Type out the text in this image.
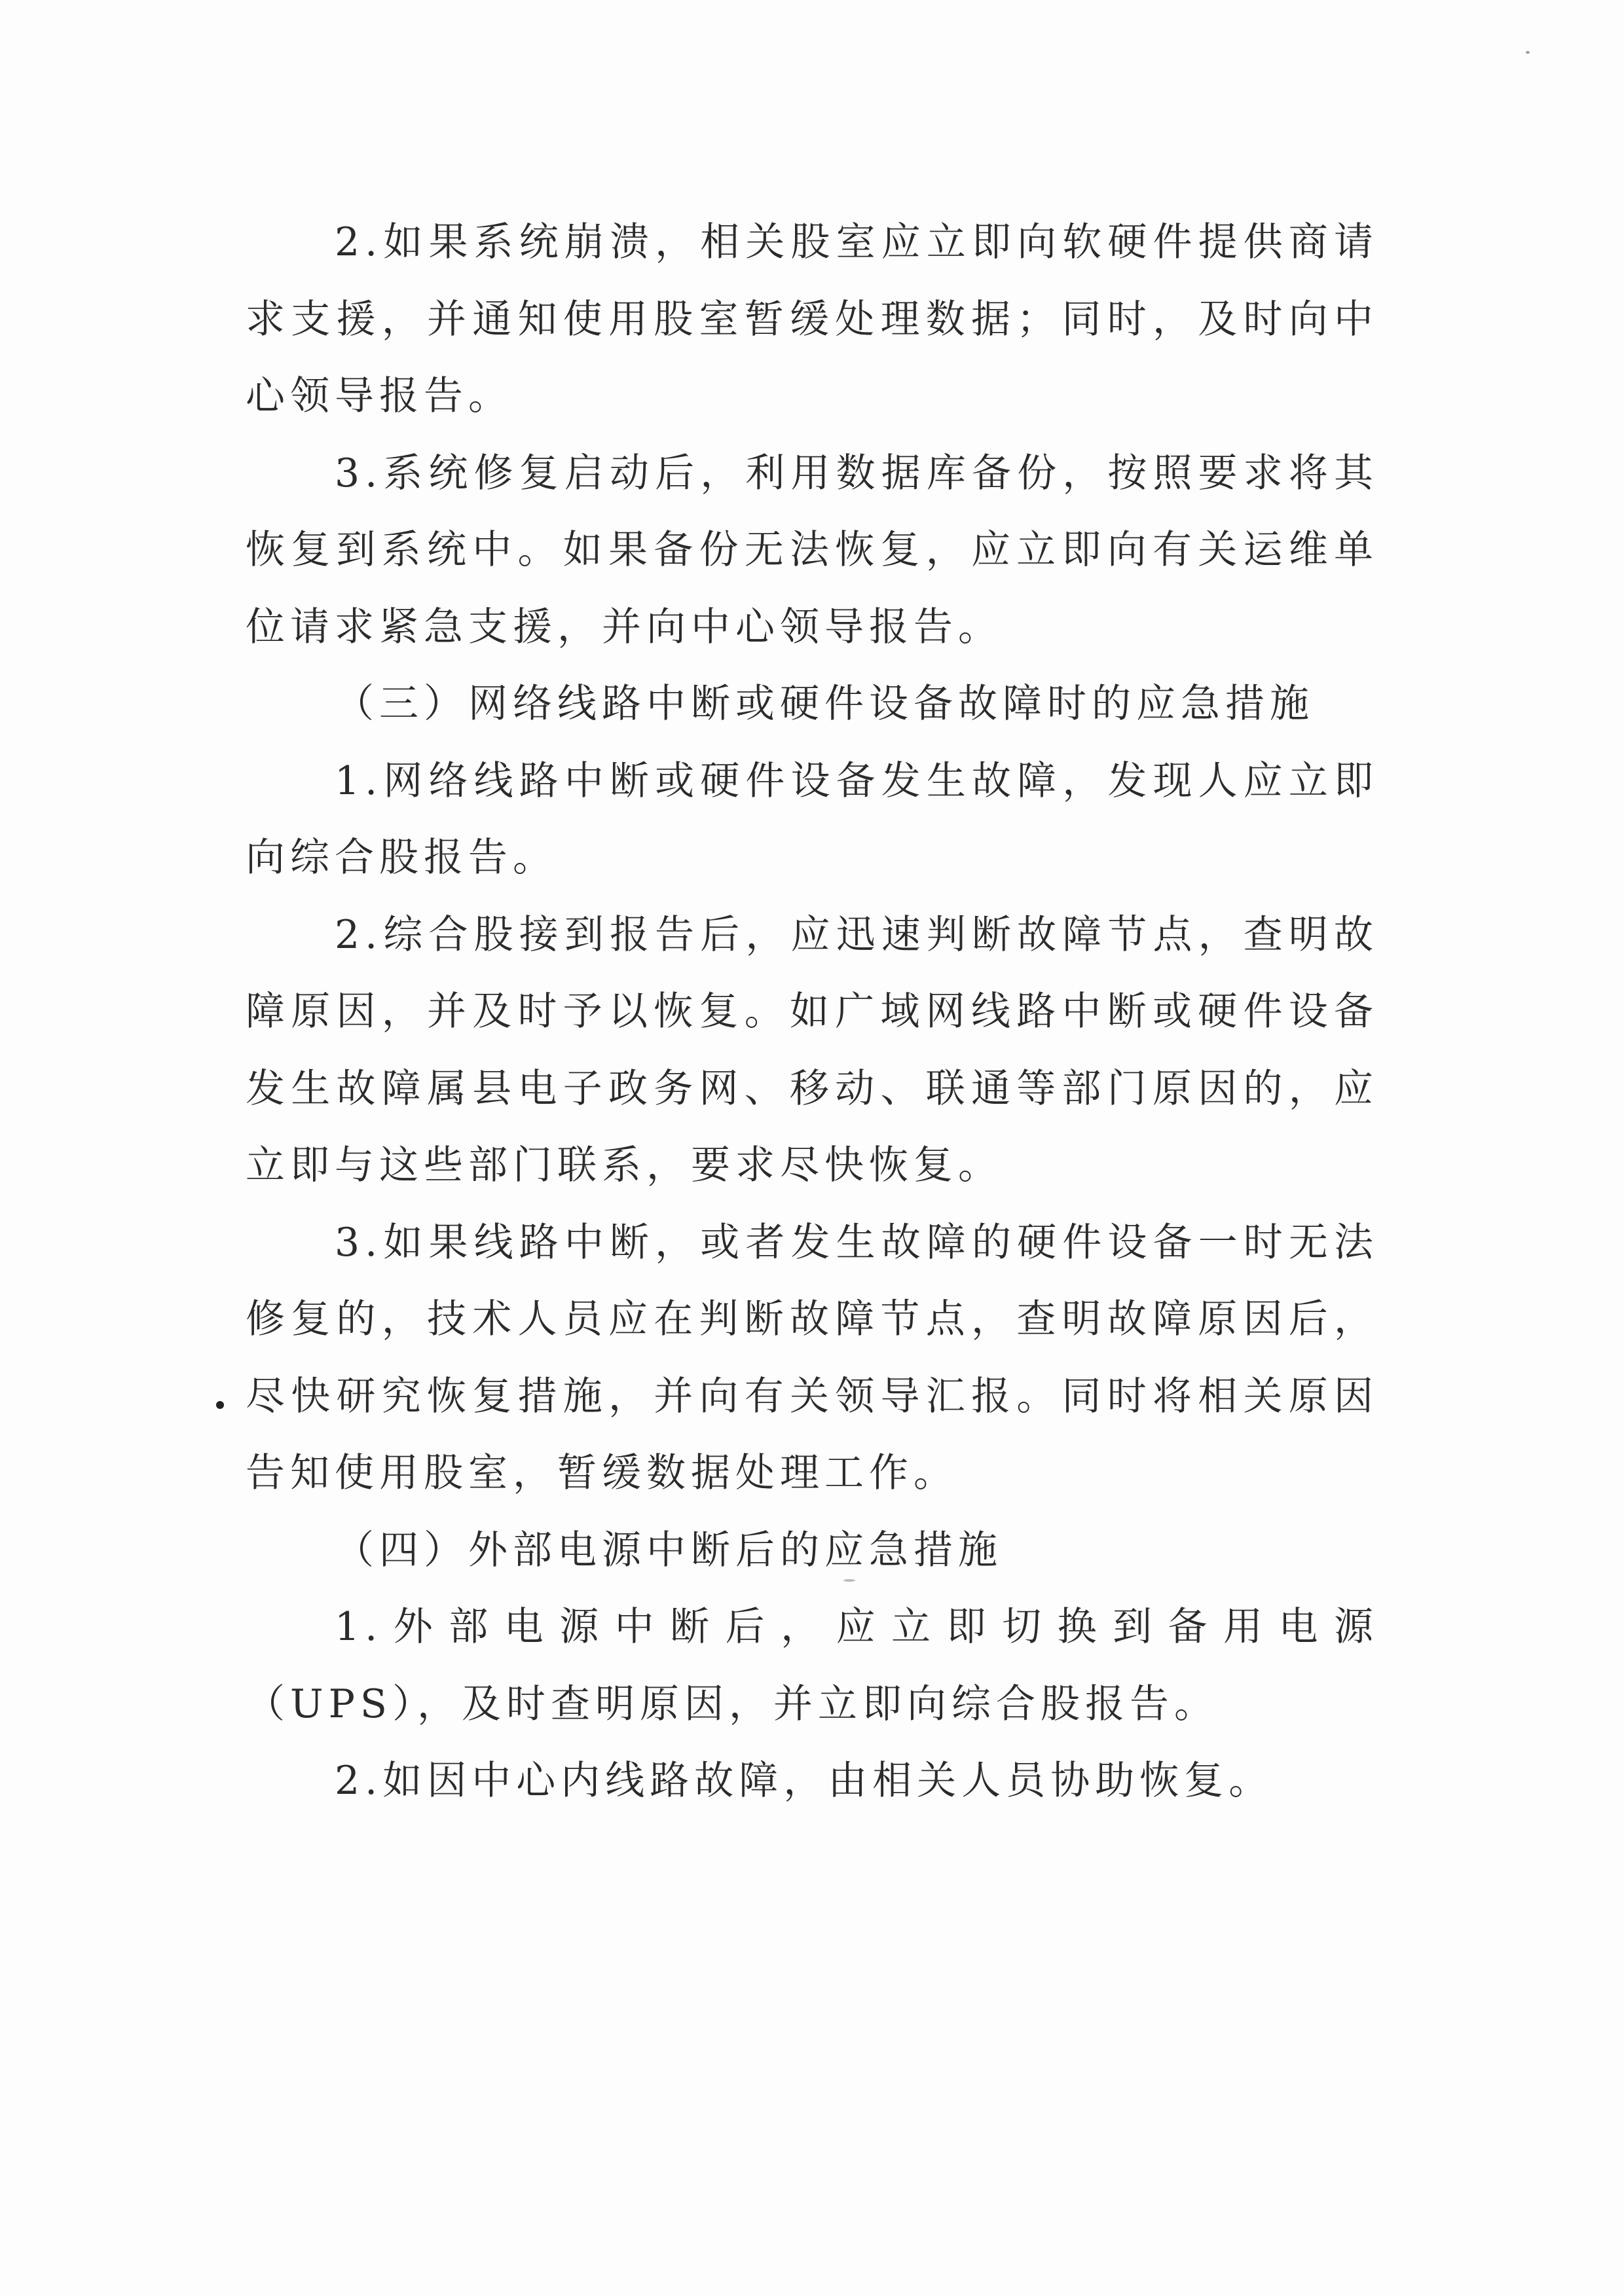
2.如果系统崩溃，相关股室应立即向软硬件提供商请求支援，并通知使用股室暂缓处理数据；同时，及时向中心领导报告。

3.系统修复启动后，利用数据库备份，按照要求将其恢复到系统中。如果备份无法恢复，应立即向有关运维单位请求紧急支援，并向中心领导报告。

（三）网络线路中断或硬件设备故障时的应急措施

1.网络线路中断或硬件设备发生故障，发现人应立即向综合股报告。

2.综合股接到报告后，应迅速判断故障节点，查明故障原因，并及时予以恢复。如广域网线路中断或硬件设备发生故障属县电子政务网、移动、联通等部门原因的，应立即与这些部门联系，要求尽快恢复。

3.如果线路中断，或者发生故障的硬件设备一时无法修复的，技术人员应在判断故障节点，查明故障原因后，尽快研究恢复措施，并向有关领导汇报。同时将相关原因告知使用股室，暂缓数据处理工作。

（四）外部电源中断后的应急措施

1.外部电源中断后，应立即切换到备用电源（UPS），及时查明原因，并立即向综合股报告。

2.如因中心内线路故障，由相关人员协助恢复。
